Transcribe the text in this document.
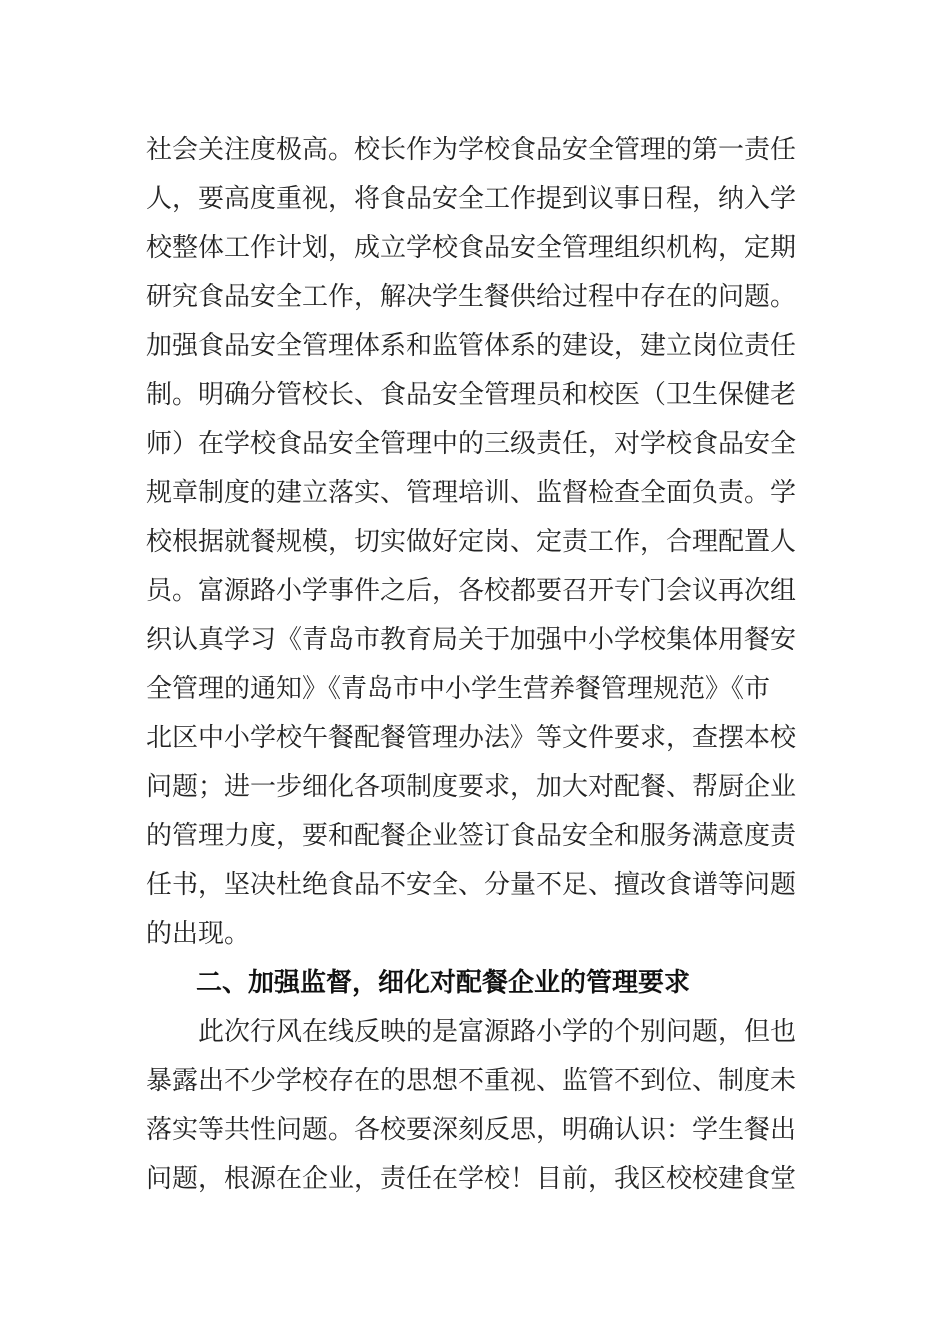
社会关注度极高。校长作为学校食品安全管理的第一责任
人，要高度重视，将食品安全工作提到议事日程，纳入学
校整体工作计划，成立学校食品安全管理组织机构，定期
研究食品安全工作，解决学生餐供给过程中存在的问题。
加强食品安全管理体系和监管体系的建设，建立岗位责任
制。明确分管校长、食品安全管理员和校医（卫生保健老
师）在学校食品安全管理中的三级责任，对学校食品安全
规章制度的建立落实、管理培训、监督检查全面负责。学
校根据就餐规模，切实做好定岗、定责工作，合理配置人
员。富源路小学事件之后，各校都要召开专门会议再次组
织认真学习《青岛市教育局关于加强中小学校集体用餐安
全管理的通知》《青岛市中小学生营养餐管理规范》《市
北区中小学校午餐配餐管理办法》等文件要求，查摆本校
问题；进一步细化各项制度要求，加大对配餐、帮厨企业
的管理力度，要和配餐企业签订食品安全和服务满意度责
任书，坚决杜绝食品不安全、分量不足、擅改食谱等问题
的出现。
二、加强监督，细化对配餐企业的管理要求
此次行风在线反映的是富源路小学的个别问题，但也
暴露出不少学校存在的思想不重视、监管不到位、制度未
落实等共性问题。各校要深刻反思，明确认识：学生餐出
问题，根源在企业，责任在学校！目前，我区校校建食堂
